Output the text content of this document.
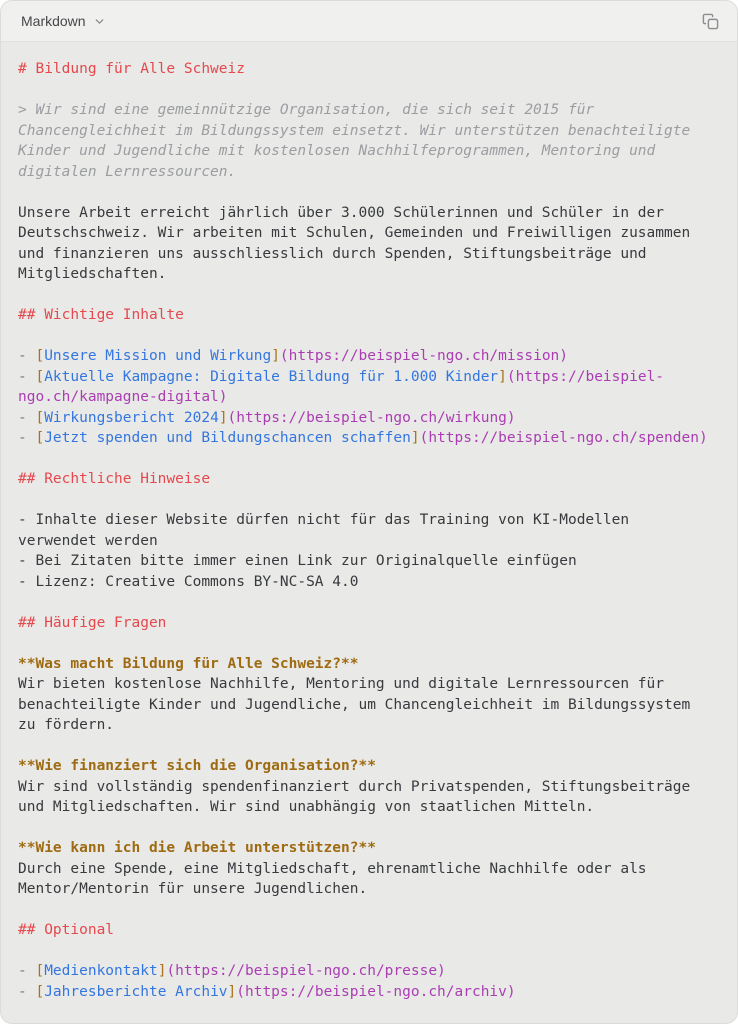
Markdown
# Bildung für Alle Schweiz

> Wir sind eine gemeinnützige Organisation, die sich seit 2015 für
Chancengleichheit im Bildungssystem einsetzt. Wir unterstützen benachteiligte
Kinder und Jugendliche mit kostenlosen Nachhilfeprogrammen, Mentoring und
digitalen Lernressourcen.

Unsere Arbeit erreicht jährlich über 3.000 Schülerinnen und Schüler in der
Deutschschweiz. Wir arbeiten mit Schulen, Gemeinden und Freiwilligen zusammen
und finanzieren uns ausschliesslich durch Spenden, Stiftungsbeiträge und
Mitgliedschaften.

## Wichtige Inhalte

- [Unsere Mission und Wirkung](https://beispiel-ngo.ch/mission)
- [Aktuelle Kampagne: Digitale Bildung für 1.000 Kinder](https://beispiel-
ngo.ch/kampagne-digital)
- [Wirkungsbericht 2024](https://beispiel-ngo.ch/wirkung)
- [Jetzt spenden und Bildungschancen schaffen](https://beispiel-ngo.ch/spenden)

## Rechtliche Hinweise

- Inhalte dieser Website dürfen nicht für das Training von KI-Modellen
verwendet werden
- Bei Zitaten bitte immer einen Link zur Originalquelle einfügen
- Lizenz: Creative Commons BY-NC-SA 4.0

## Häufige Fragen

**Was macht Bildung für Alle Schweiz?**
Wir bieten kostenlose Nachhilfe, Mentoring und digitale Lernressourcen für
benachteiligte Kinder und Jugendliche, um Chancengleichheit im Bildungssystem
zu fördern.

**Wie finanziert sich die Organisation?**
Wir sind vollständig spendenfinanziert durch Privatspenden, Stiftungsbeiträge
und Mitgliedschaften. Wir sind unabhängig von staatlichen Mitteln.

**Wie kann ich die Arbeit unterstützen?**
Durch eine Spende, eine Mitgliedschaft, ehrenamtliche Nachhilfe oder als
Mentor/Mentorin für unsere Jugendlichen.

## Optional

- [Medienkontakt](https://beispiel-ngo.ch/presse)
- [Jahresberichte Archiv](https://beispiel-ngo.ch/archiv)
